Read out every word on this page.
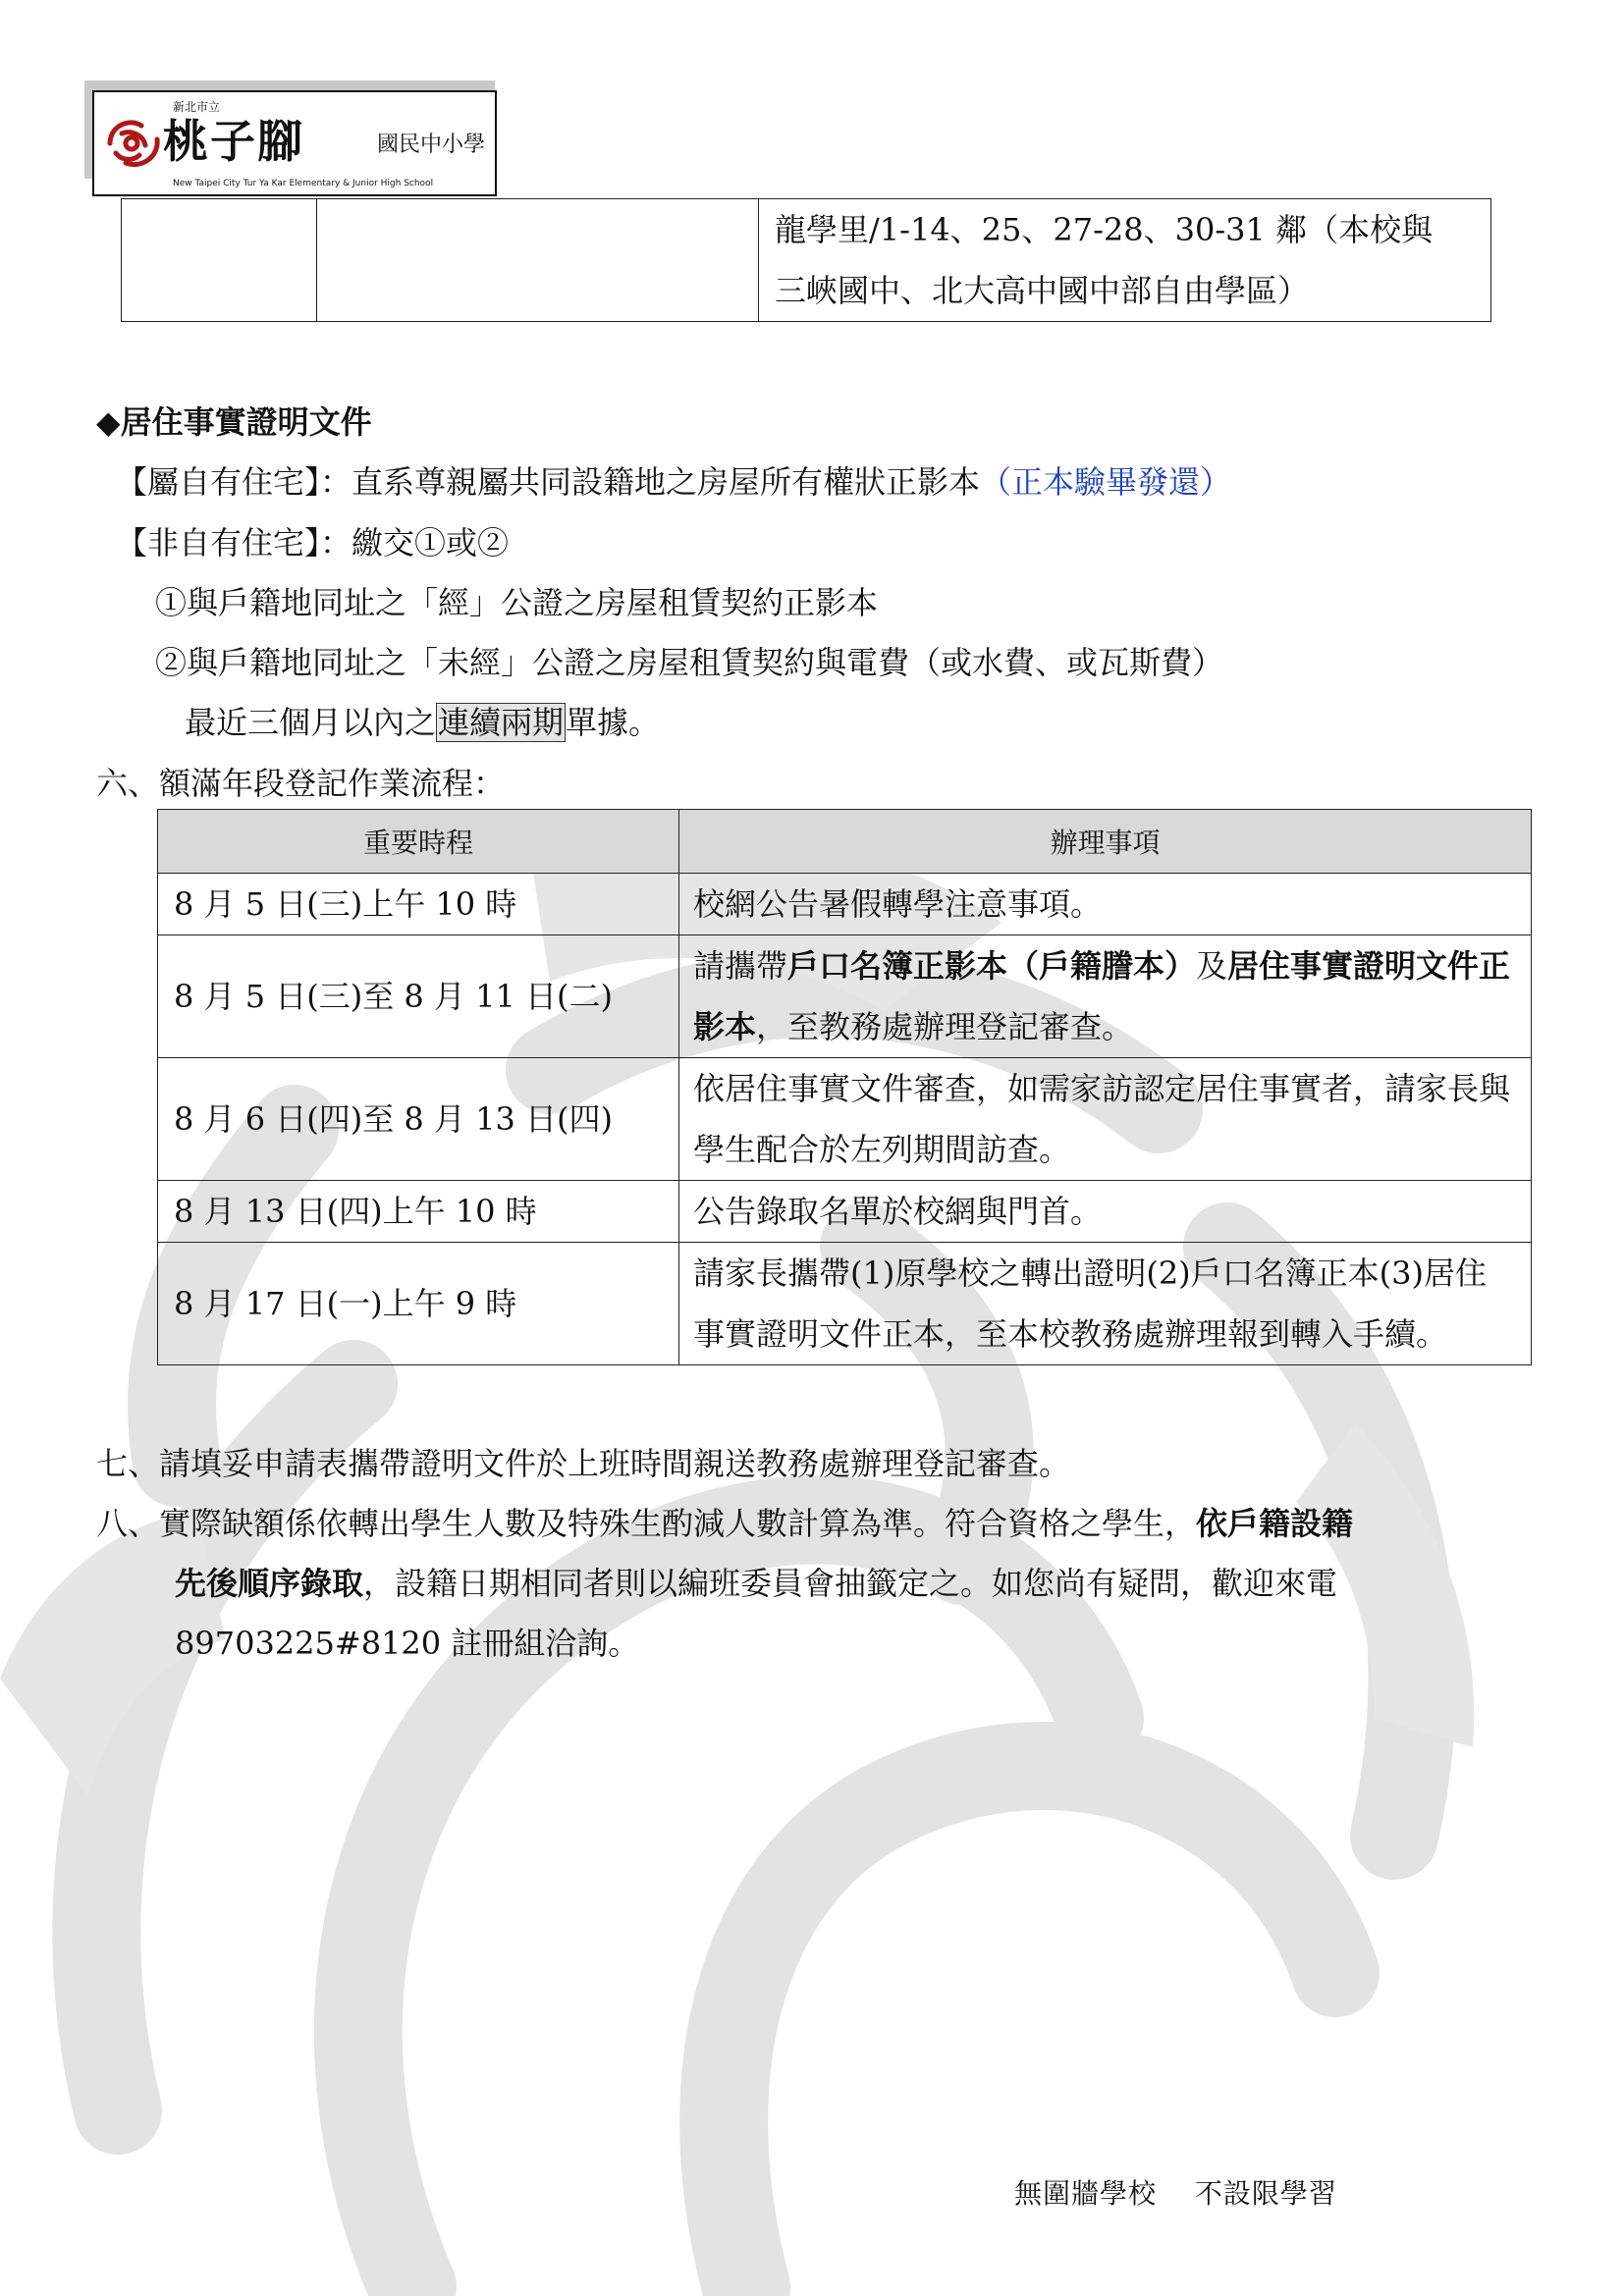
新北市立
桃子腳	國民中小學
New Taipei City Tur Ya Kar Elementary & Junior High School

龍學里/1-14、25、27-28、30-31 鄰（本校與
三峽國中、北大高中國中部自由學區）
◆居住事實證明文件
【屬自有住宅】：直系尊親屬共同設籍地之房屋所有權狀正影本（正本驗畢發還）
【非自有住宅】：繳交①或②
①與戶籍地同址之「經」公證之房屋租賃契約正影本
②與戶籍地同址之「未經」公證之房屋租賃契約與電費（或水費、或瓦斯費）
最近三個月以內之連續兩期單據。
六、額滿年段登記作業流程：
重要時程	辦理事項
8 月 5 日(三)上午 10 時	校網公告暑假轉學注意事項。
8 月 5 日(三)至 8 月 11 日(二)	請攜帶戶口名簿正影本（戶籍謄本）及居住事實證明文件正影本，至教務處辦理登記審查。
8 月 6 日(四)至 8 月 13 日(四)	依居住事實文件審查，如需家訪認定居住事實者，請家長與學生配合於左列期間訪查。
8 月 13 日(四)上午 10 時	公告錄取名單於校網與門首。
8 月 17 日(一)上午 9 時	請家長攜帶(1)原學校之轉出證明(2)戶口名簿正本(3)居住事實證明文件正本，至本校教務處辦理報到轉入手續。
七、請填妥申請表攜帶證明文件於上班時間親送教務處辦理登記審查。
八、實際缺額係依轉出學生人數及特殊生酌減人數計算為準。符合資格之學生，依戶籍設籍
先後順序錄取，設籍日期相同者則以編班委員會抽籤定之。如您尚有疑問，歡迎來電
89703225#8120 註冊組洽詢。
無圍牆學校　 不設限學習
